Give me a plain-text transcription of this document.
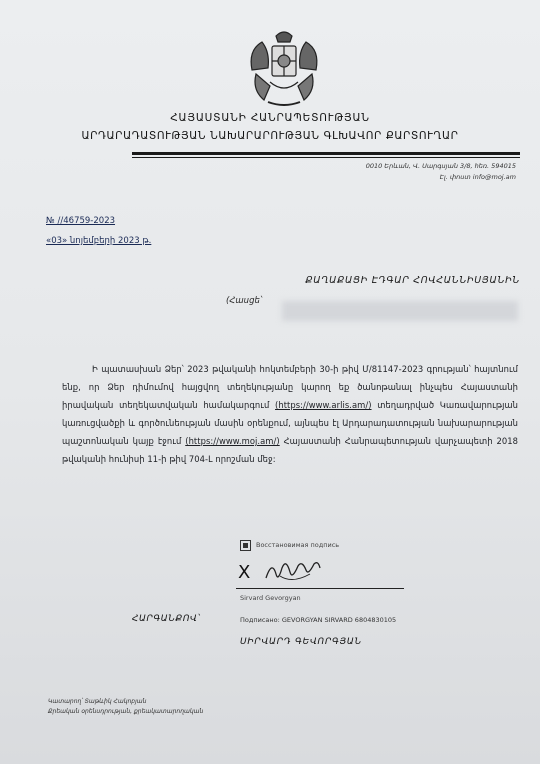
ՀԱՅԱՍՏԱՆԻ ՀԱՆՐԱՊԵՏՈՒԹՅԱՆ
ԱՐԴԱՐԱԴԱՏՈՒԹՅԱՆ ՆԱԽԱՐԱՐՈՒԹՅԱՆ ԳԼԽԱՎՈՐ ՔԱՐՏՈՒՂԱՐ
0010 Երևան, Վ. Սարգսյան 3/8, հեռ. 594015
Էլ. փոստ info@moj.am
№ //46759-2023
«03» նոյեմբերի 2023 թ.
ՔԱՂԱՔԱՑԻ ԷԴԳԱՐ ՀՈՎՀԱՆՆԻՍՅԱՆԻՆ
(Հասցե՝
Ի պատասխան Ձեր՝ 2023 թվականի հոկտեմբերի 30-ի թիվ Մ/81147-2023 գրության՝ հայտնում ենք, որ Ձեր դիմումով հայցվող տեղեկությանը կարող եք ծանոթանալ ինչպես Հայաստանի իրավական տեղեկատվական համակարգում (https://www.arlis.am/) տեղադրված Կառավարության կառուցվածքի և գործունեության մասին օրենքում, այնպես էլ Արդարադատության նախարարության պաշտոնական կայք էջում (https://www.moj.am/) Հայաստանի Հանրապետության վարչապետի 2018 թվականի հունիսի 11-ի թիվ 704-Լ որոշման մեջ:
Восстановимая подпись
X
Sirvard Gevorgyan
ՀԱՐԳԱՆՔՈՎ՝	Подписано: GEVORGYAN SIRVARD 6804830105
ՍԻՐՎԱՐԴ ԳԵՎՈՐԳՅԱՆ
Կատարող՝ Տաթևիկ Հակոբյան
Քրեական օրենսդրության, քրեակատարողական
